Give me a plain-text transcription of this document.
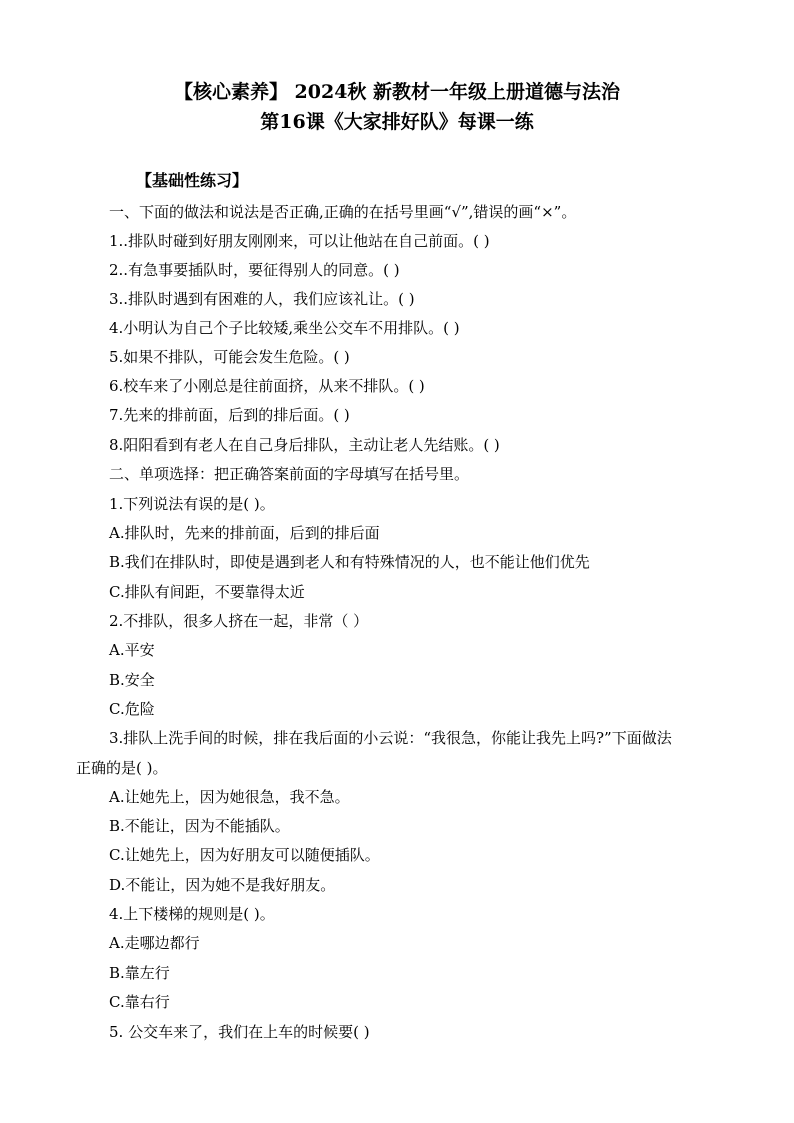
【核心素养】 2024秋 新教材一年级上册道德与法治
第16课《大家排好队》每课一练
【基础性练习】
一、下面的做法和说法是否正确,正确的在括号里画“√”,错误的画“×”。
1..排队时碰到好朋友刚刚来，可以让他站在自己前面。( )
2..有急事要插队时，要征得别人的同意。( )
3..排队时遇到有困难的人，我们应该礼让。( )
4.小明认为自己个子比较矮,乘坐公交车不用排队。( )
5.如果不排队，可能会发生危险。( )
6.校车来了小刚总是往前面挤，从来不排队。( )
7.先来的排前面，后到的排后面。( )
8.阳阳看到有老人在自己身后排队，主动让老人先结账。( )
二、单项选择：把正确答案前面的字母填写在括号里。
1.下列说法有误的是( )。
A.排队时，先来的排前面，后到的排后面
B.我们在排队时，即使是遇到老人和有特殊情况的人，也不能让他们优先
C.排队有间距，不要靠得太近
2.不排队，很多人挤在一起，非常（ ）
A.平安
B.安全
C.危险
3.排队上洗手间的时候，排在我后面的小云说：“我很急，你能让我先上吗?”下面做法
正确的是( )。
A.让她先上，因为她很急，我不急。
B.不能让，因为不能插队。
C.让她先上，因为好朋友可以随便插队。
D.不能让，因为她不是我好朋友。
4.上下楼梯的规则是( )。
A.走哪边都行
B.靠左行
C.靠右行
5. 公交车来了，我们在上车的时候要( )
